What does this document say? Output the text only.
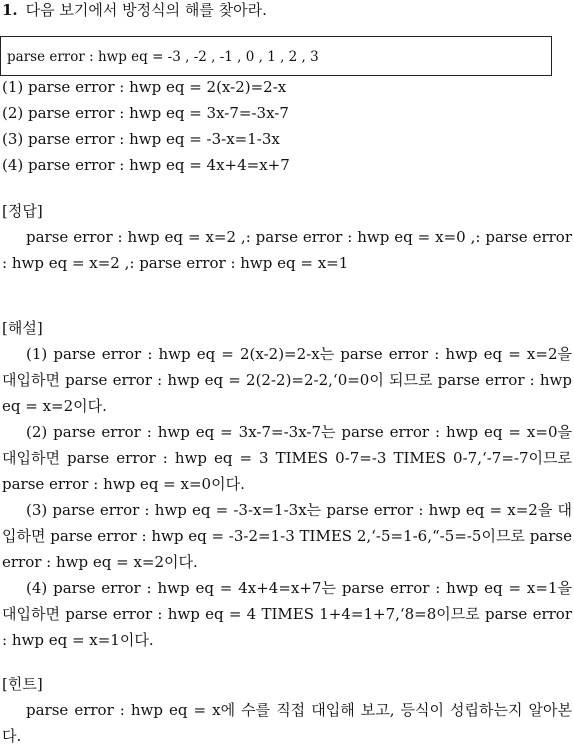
1. 다음 보기에서 방정식의 해를 찾아라.
parse error : hwp eq = -3 , -2 , -1 , 0 , 1 , 2 , 3
(1) parse error : hwp eq = 2(x-2)=2-x
(2) parse error : hwp eq = 3x-7=-3x-7
(3) parse error : hwp eq = -3-x=1-3x
(4) parse error : hwp eq = 4x+4=x+7
[정답]
parse error : hwp eq = x=2 ,: parse error : hwp eq = x=0 ,: parse error : hwp eq = x=2 ,: parse error : hwp eq = x=1
[해설]
(1) parse error : hwp eq = 2(x-2)=2-x는 parse error : hwp eq = x=2을 대입하면 parse error : hwp eq = 2(2-2)=2-2,‘0=0이 되므로 parse error : hwp eq = x=2이다.
(2) parse error : hwp eq = 3x-7=-3x-7는 parse error : hwp eq = x=0을 대입하면 parse error : hwp eq = 3 TIMES 0-7=-3 TIMES 0-7,‘-7=-7이므로 parse error : hwp eq = x=0이다.
(3) parse error : hwp eq = -3-x=1-3x는 parse error : hwp eq = x=2을 대입하면 parse error : hwp eq = -3-2=1-3 TIMES 2,‘-5=1-6,“-5=-5이므로 parse error : hwp eq = x=2이다.
(4) parse error : hwp eq = 4x+4=x+7는 parse error : hwp eq = x=1을 대입하면 parse error : hwp eq = 4 TIMES 1+4=1+7,‘8=8이므로 parse error : hwp eq = x=1이다.
[힌트]
parse error : hwp eq = x에 수를 직접 대입해 보고, 등식이 성립하는지 알아본다.
